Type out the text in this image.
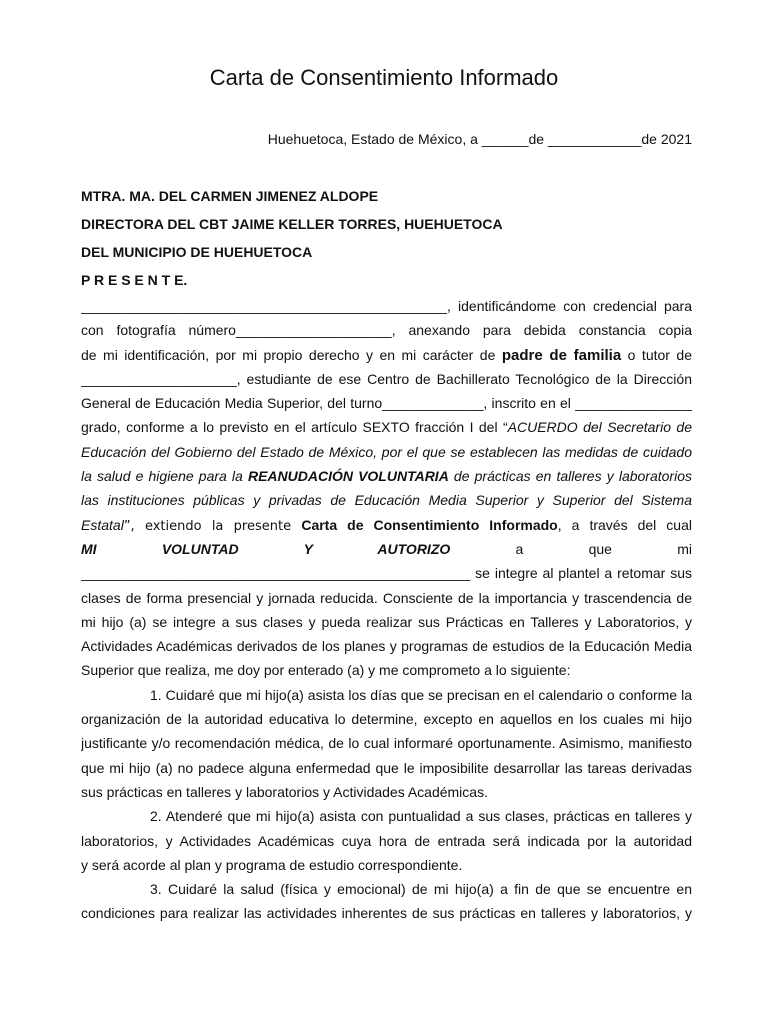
Carta de Consentimiento Informado
Huehuetoca, Estado de México, a ______de ____________de 2021
MTRA. MA. DEL CARMEN JIMENEZ ALDOPE
DIRECTORA DEL CBT JAIME KELLER TORRES, HUEHUETOCA
DEL MUNICIPIO DE HUEHUETOCA
P R E S E N T E.
_______________________________________________, identificándome con credencial para
con fotografía número____________________, anexando para debida constancia copia
de mi identificación, por mi propio derecho y en mi carácter de padre de familia o tutor de
____________________, estudiante de ese Centro de Bachillerato Tecnológico de la Dirección
General de Educación Media Superior, del turno_____________, inscrito en el _______________
grado, conforme a lo previsto en el artículo SEXTO fracción I del “ACUERDO del Secretario de
Educación del Gobierno del Estado de México, por el que se establecen las medidas de cuidado
la salud e higiene para la REANUDACIÓN VOLUNTARIA de prácticas en talleres y laboratorios
las instituciones públicas y privadas de Educación Media Superior y Superior del Sistema
Estatal”, extiendo la presente Carta de Consentimiento Informado, a través del cual
MI VOLUNTAD Y AUTORIZO	a que mi
__________________________________________________ se integre al plantel a retomar sus
clases de forma presencial y jornada reducida. Consciente de la importancia y trascendencia de
mi hijo (a) se integre a sus clases y pueda realizar sus Prácticas en Talleres y Laboratorios, y
Actividades Académicas derivados de los planes y programas de estudios de la Educación Media
Superior que realiza, me doy por enterado (a) y me comprometo a lo siguiente:
1. Cuidaré que mi hijo(a) asista los días que se precisan en el calendario o conforme la
organización de la autoridad educativa lo determine, excepto en aquellos en los cuales mi hijo
justificante y/o recomendación médica, de lo cual informaré oportunamente. Asimismo, manifiesto
que mi hijo (a) no padece alguna enfermedad que le imposibilite desarrollar las tareas derivadas
sus prácticas en talleres y laboratorios y Actividades Académicas.
2. Atenderé que mi hijo(a) asista con puntualidad a sus clases, prácticas en talleres y
laboratorios, y Actividades Académicas cuya hora de entrada será indicada por la autoridad
y será acorde al plan y programa de estudio correspondiente.
3. Cuidaré la salud (física y emocional) de mi hijo(a) a fin de que se encuentre en
condiciones para realizar las actividades inherentes de sus prácticas en talleres y laboratorios, y
